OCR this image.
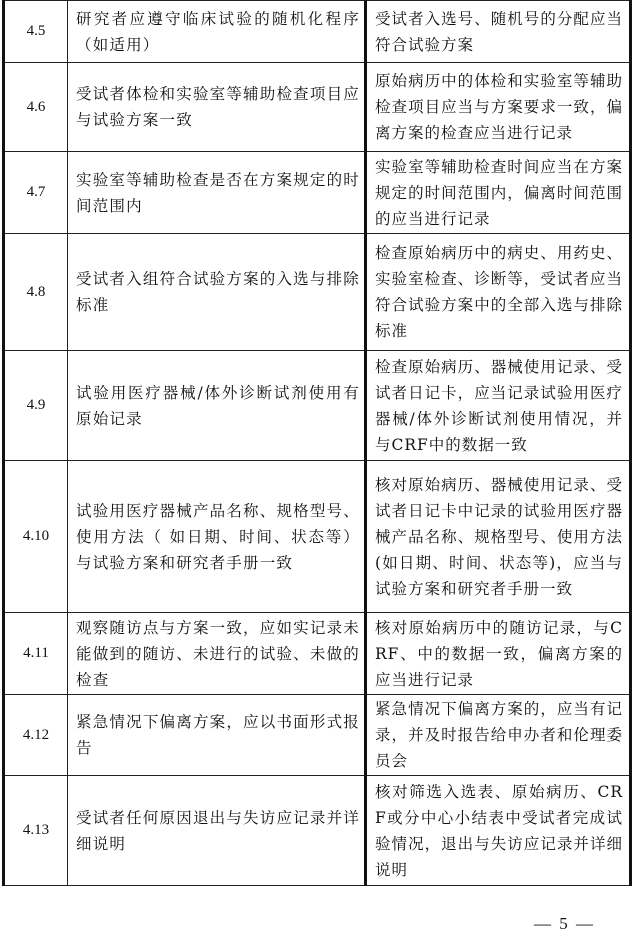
4.5	研究者应遵守临床试验的随机化程序（如适用）	受试者入选号、随机号的分配应当符合试验方案

4.6	受试者体检和实验室等辅助检查项目应与试验方案一致	原始病历中的体检和实验室等辅助检查项目应当与方案要求一致，偏离方案的检查应当进行记录

4.7	实验室等辅助检查是否在方案规定的时间范围内	实验室等辅助检查时间应当在方案规定的时间范围内，偏离时间范围的应当进行记录

4.8	受试者入组符合试验方案的入选与排除标准	检查原始病历中的病史、用药史、实验室检查、诊断等，受试者应当符合试验方案中的全部入选与排除标准

4.9	试验用医疗器械/体外诊断试剂使用有原始记录	检查原始病历、器械使用记录、受试者日记卡，应当记录试验用医疗器械/体外诊断试剂使用情况，并与CRF中的数据一致

4.10	试验用医疗器械产品名称、规格型号、使用方法（ 如日期、时间、状态等）与试验方案和研究者手册一致	核对原始病历、器械使用记录、受试者日记卡中记录的试验用医疗器械产品名称、规格型号、使用方法(如日期、时间、状态等)，应当与试验方案和研究者手册一致

4.11	观察随访点与方案一致，应如实记录未能做到的随访、未进行的试验、未做的检查	核对原始病历中的随访记录，与CRF、中的数据一致，偏离方案的应当进行记录

4.12	紧急情况下偏离方案，应以书面形式报告	紧急情况下偏离方案的，应当有记录，并及时报告给申办者和伦理委员会

4.13	受试者任何原因退出与失访应记录并详细说明	核对筛选入选表、原始病历、CRF或分中心小结表中受试者完成试验情况，退出与失访应记录并详细说明
— 5 —
